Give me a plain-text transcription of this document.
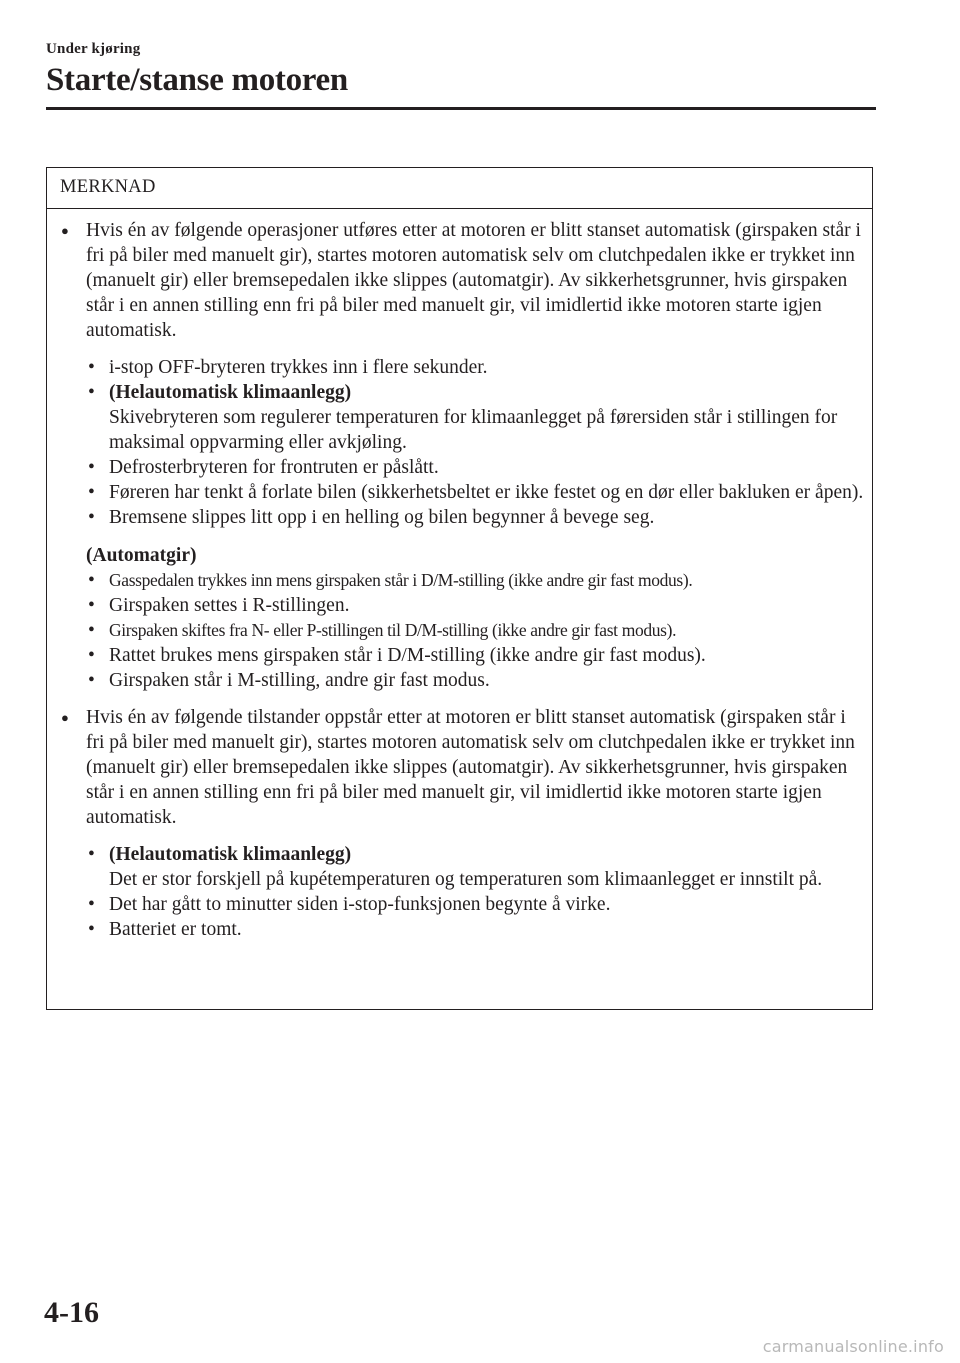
Under kjøring
Starte/stanse motoren
MERKNAD
● Hvis én av følgende operasjoner utføres etter at motoren er blitt stanset automatisk (girspaken står i fri på biler med manuelt gir), startes motoren automatisk selv om clutchpedalen ikke er trykket inn (manuelt gir) eller bremsepedalen ikke slippes (automatgir). Av sikkerhetsgrunner, hvis girspaken står i en annen stilling enn fri på biler med manuelt gir, vil imidlertid ikke motoren starte igjen automatisk.

• i-stop OFF-bryteren trykkes inn i flere sekunder.
• (Helautomatisk klimaanlegg)
Skivebryteren som regulerer temperaturen for klimaanlegget på førersiden står i stillingen for maksimal oppvarming eller avkjøling.
• Defrosterbryteren for frontruten er påslått.
• Føreren har tenkt å forlate bilen (sikkerhetsbeltet er ikke festet og en dør eller bakluken er åpen).
• Bremsene slippes litt opp i en helling og bilen begynner å bevege seg.

(Automatgir)

• Gasspedalen trykkes inn mens girspaken står i D/M-stilling (ikke andre gir fast modus).
• Girspaken settes i R-stillingen.
• Girspaken skiftes fra N- eller P-stillingen til D/M-stilling (ikke andre gir fast modus).
• Rattet brukes mens girspaken står i D/M-stilling (ikke andre gir fast modus).
• Girspaken står i M-stilling, andre gir fast modus.
● Hvis én av følgende tilstander oppstår etter at motoren er blitt stanset automatisk (girspaken står i fri på biler med manuelt gir), startes motoren automatisk selv om clutchpedalen ikke er trykket inn (manuelt gir) eller bremsepedalen ikke slippes (automatgir). Av sikkerhetsgrunner, hvis girspaken står i en annen stilling enn fri på biler med manuelt gir, vil imidlertid ikke motoren starte igjen automatisk.

• (Helautomatisk klimaanlegg)
Det er stor forskjell på kupétemperaturen og temperaturen som klimaanlegget er innstilt på.
• Det har gått to minutter siden i-stop-funksjonen begynte å virke.
• Batteriet er tomt.
4-16
carmanualsonline.info
